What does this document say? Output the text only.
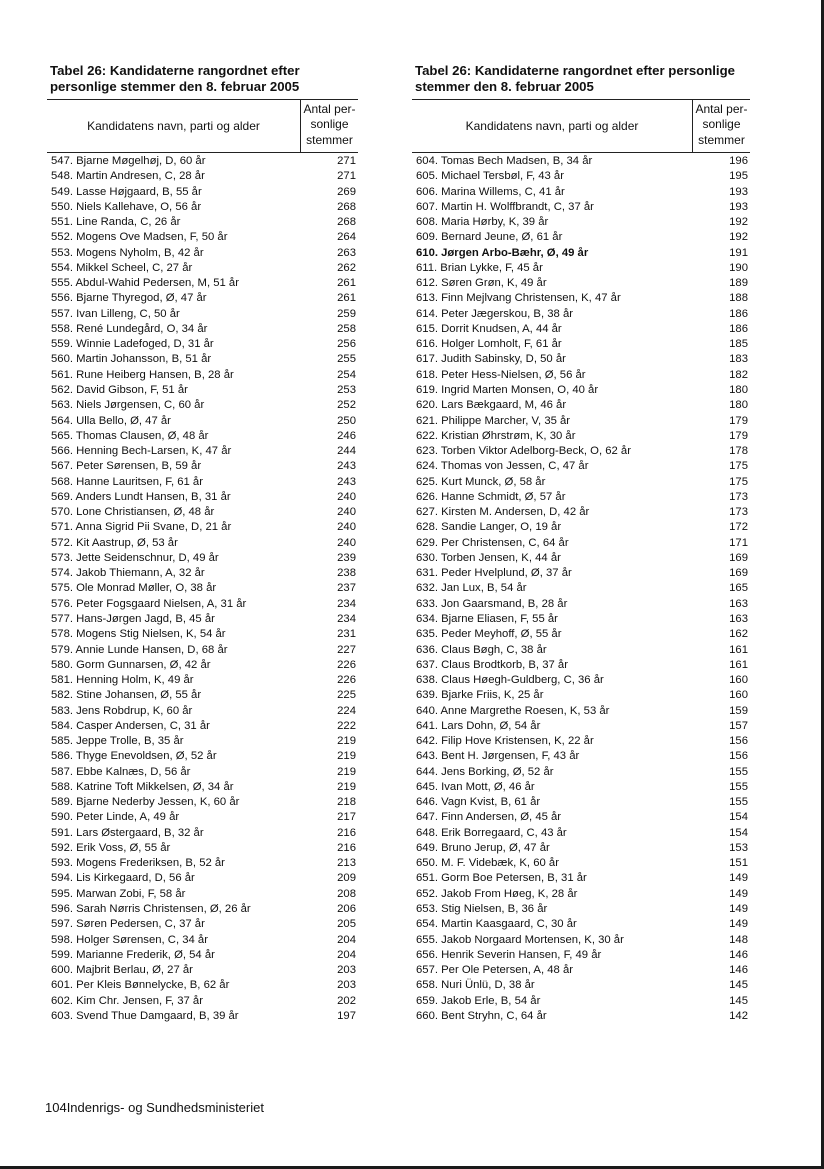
Tabel 26: Kandidaterne rangordnet efter personlige stemmer den 8. februar 2005
Kandidatens navn, parti og alder
Antal per-sonlige stemmer
547. Bjarne Møgelhøj, D, 60 år	271
548. Martin Andresen, C, 28 år	271
549. Lasse Højgaard, B, 55 år	269
550. Niels Kallehave, O, 56 år	268
551. Line Randa, C, 26 år	268
552. Mogens Ove Madsen, F, 50 år	264
553. Mogens Nyholm, B, 42 år	263
554. Mikkel Scheel, C, 27 år	262
555. Abdul-Wahid Pedersen, M, 51 år	261
556. Bjarne Thyregod, Ø, 47 år	261
557. Ivan Lilleng, C, 50 år	259
558. René Lundegård, O, 34 år	258
559. Winnie Ladefoged, D, 31 år	256
560. Martin Johansson, B, 51 år	255
561. Rune Heiberg Hansen, B, 28 år	254
562. David Gibson, F, 51 år	253
563. Niels Jørgensen, C, 60 år	252
564. Ulla Bello, Ø, 47 år	250
565. Thomas Clausen, Ø, 48 år	246
566. Henning Bech-Larsen, K, 47 år	244
567. Peter Sørensen, B, 59 år	243
568. Hanne Lauritsen, F, 61 år	243
569. Anders Lundt Hansen, B, 31 år	240
570. Lone Christiansen, Ø, 48 år	240
571. Anna Sigrid Pii Svane, D, 21 år	240
572. Kit Aastrup, Ø, 53 år	240
573. Jette Seidenschnur, D, 49 år	239
574. Jakob Thiemann, A, 32 år	238
575. Ole Monrad Møller, O, 38 år	237
576. Peter Fogsgaard Nielsen, A, 31 år	234
577. Hans-Jørgen Jagd, B, 45 år	234
578. Mogens Stig Nielsen, K, 54 år	231
579. Annie Lunde Hansen, D, 68 år	227
580. Gorm Gunnarsen, Ø, 42 år	226
581. Henning Holm, K, 49 år	226
582. Stine Johansen, Ø, 55 år	225
583. Jens Robdrup, K, 60 år	224
584. Casper Andersen, C, 31 år	222
585. Jeppe Trolle, B, 35 år	219
586. Thyge Enevoldsen, Ø, 52 år	219
587. Ebbe Kalnæs, D, 56 år	219
588. Katrine Toft Mikkelsen, Ø, 34 år	219
589. Bjarne Nederby Jessen, K, 60 år	218
590. Peter Linde, A, 49 år	217
591. Lars Østergaard, B, 32 år	216
592. Erik Voss, Ø, 55 år	216
593. Mogens Frederiksen, B, 52 år	213
594. Lis Kirkegaard, D, 56 år	209
595. Marwan Zobi, F, 58 år	208
596. Sarah Nørris Christensen, Ø, 26 år	206
597. Søren Pedersen, C, 37 år	205
598. Holger Sørensen, C, 34 år	204
599. Marianne Frederik, Ø, 54 år	204
600. Majbrit Berlau, Ø, 27 år	203
601. Per Kleis Bønnelycke, B, 62 år	203
602. Kim Chr. Jensen, F, 37 år	202
603. Svend Thue Damgaard, B, 39 år	197
Tabel 26: Kandidaterne rangordnet efter personlige stemmer den 8. februar 2005
Kandidatens navn, parti og alder
Antal per-sonlige stemmer
604. Tomas Bech Madsen, B, 34 år	196
605. Michael Tersbøl, F, 43 år	195
606. Marina Willems, C, 41 år	193
607. Martin H. Wolffbrandt, C, 37 år	193
608. Maria Hørby, K, 39 år	192
609. Bernard Jeune, Ø, 61 år	192
610. Jørgen Arbo-Bæhr, Ø, 49 år	191
611. Brian Lykke, F, 45 år	190
612. Søren Grøn, K, 49 år	189
613. Finn Mejlvang Christensen, K, 47 år	188
614. Peter Jægerskou, B, 38 år	186
615. Dorrit Knudsen, A, 44 år	186
616. Holger Lomholt, F, 61 år	185
617. Judith Sabinsky, D, 50 år	183
618. Peter Hess-Nielsen, Ø, 56 år	182
619. Ingrid Marten Monsen, O, 40 år	180
620. Lars Bækgaard, M, 46 år	180
621. Philippe Marcher, V, 35 år	179
622. Kristian Øhrstrøm, K, 30 år	179
623. Torben Viktor Adelborg-Beck, O, 62 år	178
624. Thomas von Jessen, C, 47 år	175
625. Kurt Munck, Ø, 58 år	175
626. Hanne Schmidt, Ø, 57 år	173
627. Kirsten M. Andersen, D, 42 år	173
628. Sandie Langer, O, 19 år	172
629. Per Christensen, C, 64 år	171
630. Torben Jensen, K, 44 år	169
631. Peder Hvelplund, Ø, 37 år	169
632. Jan Lux, B, 54 år	165
633. Jon Gaarsmand, B, 28 år	163
634. Bjarne Eliasen, F, 55 år	163
635. Peder Meyhoff, Ø, 55 år	162
636. Claus Bøgh, C, 38 år	161
637. Claus Brodtkorb, B, 37 år	161
638. Claus Høegh-Guldberg, C, 36 år	160
639. Bjarke Friis, K, 25 år	160
640. Anne Margrethe Roesen, K, 53 år	159
641. Lars Dohn, Ø, 54 år	157
642. Filip Hove Kristensen, K, 22 år	156
643. Bent H. Jørgensen, F, 43 år	156
644. Jens Borking, Ø, 52 år	155
645. Ivan Mott, Ø, 46 år	155
646. Vagn Kvist, B, 61 år	155
647. Finn Andersen, Ø, 45 år	154
648. Erik Borregaard, C, 43 år	154
649. Bruno Jerup, Ø, 47 år	153
650. M. F. Videbæk, K, 60 år	151
651. Gorm Boe Petersen, B, 31 år	149
652. Jakob From Høeg, K, 28 år	149
653. Stig Nielsen, B, 36 år	149
654. Martin Kaasgaard, C, 30 år	149
655. Jakob Norgaard Mortensen, K, 30 år	148
656. Henrik Severin Hansen, F, 49 år	146
657. Per Ole Petersen, A, 48 år	146
658. Nuri Ünlü, D, 38 år	145
659. Jakob Erle, B, 54 år	145
660. Bent Stryhn, C, 64 år	142
104Indenrigs- og Sundhedsministeriet
